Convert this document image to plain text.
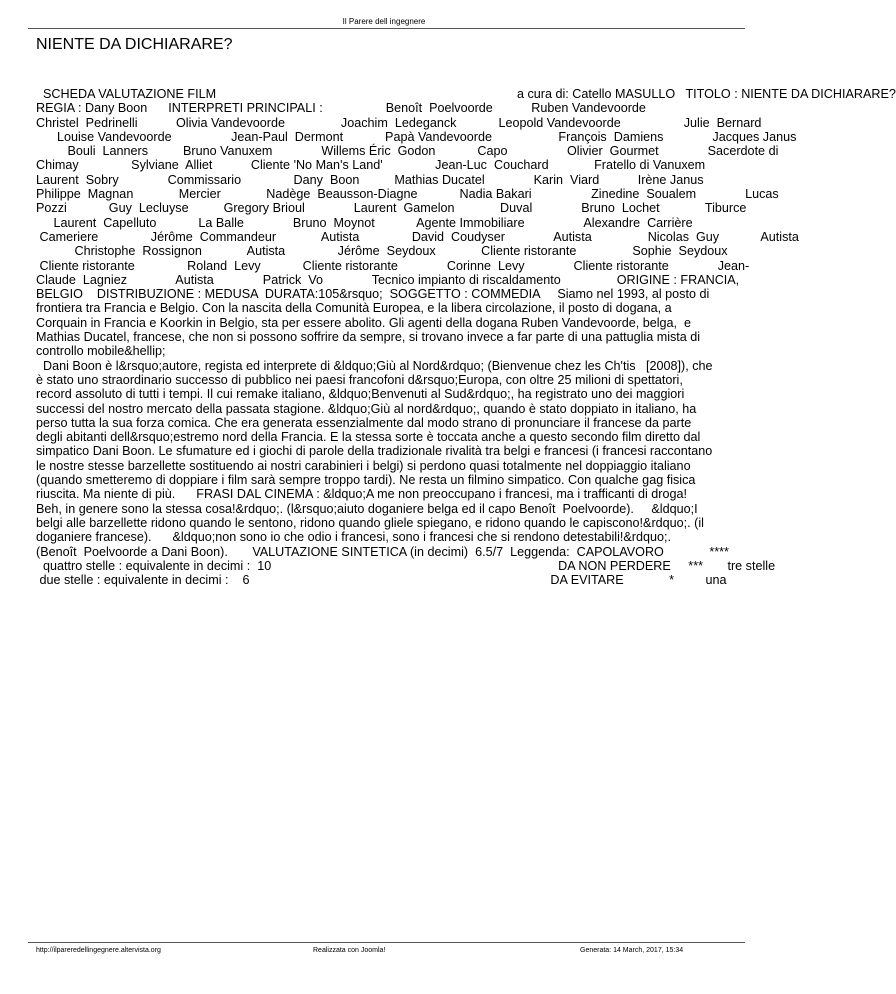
Il Parere dell ingegnere
NIENTE DA DICHIARARE?
SCHEDA VALUTAZIONE FILM                                                                                      a cura di: Catello MASULLO   TITOLO : NIENTE DA DICHIARARE?
REGIA : Dany Boon      INTERPRETI PRINCIPALI :                  Benoît  Poelvoorde           Ruben Vandevoorde
Christel  Pedrinelli           Olivia Vandevoorde                Joachim  Ledeganck            Leopold Vandevoorde                  Julie  Bernard
Louise Vandevoorde                 Jean-Paul  Dermont            Papà Vandevoorde                   François  Damiens              Jacques Janus
Bouli  Lanners          Bruno Vanuxem              Willems Éric  Godon            Capo                 Olivier  Gourmet              Sacerdote di
Chimay               Sylviane  Alliet           Cliente 'No Man's Land'               Jean-Luc  Couchard             Fratello di Vanuxem
Laurent  Sobry              Commissario               Dany  Boon          Mathias Ducatel              Karin  Viard           Irène Janus
Philippe  Magnan             Mercier             Nadège  Beausson-Diagne            Nadia Bakari                 Zinedine  Soualem              Lucas
Pozzi            Guy  Lecluyse          Gregory Brioul              Laurent  Gamelon             Duval              Bruno  Lochet             Tiburce
Laurent  Capelluto            La Balle              Bruno  Moynot            Agente Immobiliare                 Alexandre  Carrière
Cameriere               Jérôme  Commandeur             Autista               David  Coudyser              Autista                Nicolas  Guy            Autista
Christophe  Rossignon             Autista               Jérôme  Seydoux             Cliente ristorante                Sophie  Seydoux
Cliente ristorante               Roland  Levy            Cliente ristorante              Corinne  Levy              Cliente ristorante              Jean-
Claude  Lagniez              Autista              Patrick  Vo              Tecnico impianto di riscaldamento                ORIGINE : FRANCIA,
BELGIO    DISTRIBUZIONE : MEDUSA  DURATA:105&rsquo;  SOGGETTO : COMMEDIA     Siamo nel 1993, al posto di
frontiera tra Francia e Belgio. Con la nascita della Comunità Europea, e la libera circolazione, il posto di dogana, a
Corquain in Francia e Koorkin in Belgio, sta per essere abolito. Gli agenti della dogana Ruben Vandevoorde, belga,  e
Mathias Ducatel, francese, che non si possono soffrire da sempre, si trovano invece a far parte di una pattuglia mista di
controllo mobile&hellip;
Dani Boon è l&rsquo;autore, regista ed interprete di &ldquo;Giù al Nord&rdquo; (Bienvenue chez les Ch'tis   [2008]), che
è stato uno straordinario successo di pubblico nei paesi francofoni d&rsquo;Europa, con oltre 25 milioni di spettatori,
record assoluto di tutti i tempi. Il cui remake italiano, &ldquo;Benvenuti al Sud&rdquo;, ha registrato uno dei maggiori
successi del nostro mercato della passata stagione. &ldquo;Giù al nord&rdquo;, quando è stato doppiato in italiano, ha
perso tutta la sua forza comica. Che era generata essenzialmente dal modo strano di pronunciare il francese da parte
degli abitanti dell&rsquo;estremo nord della Francia. E la stessa sorte è toccata anche a questo secondo film diretto dal
simpatico Dani Boon. Le sfumature ed i giochi di parole della tradizionale rivalità tra belgi e francesi (i francesi raccontano
le nostre stesse barzellette sostituendo ai nostri carabinieri i belgi) si perdono quasi totalmente nel doppiaggio italiano
(quando smetteremo di doppiare i film sarà sempre troppo tardi). Ne resta un filmino simpatico. Con qualche gag fisica
riuscita. Ma niente di più.      FRASI DAL CINEMA : &ldquo;A me non preoccupano i francesi, ma i trafficanti di droga!
Beh, in genere sono la stessa cosa!&rdquo;. (l&rsquo;aiuto doganiere belga ed il capo Benoît  Poelvoorde).     &ldquo;I
belgi alle barzellette ridono quando le sentono, ridono quando gliele spiegano, e ridono quando le capiscono!&rdquo;. (il
doganiere francese).      &ldquo;non sono io che odio i francesi, sono i francesi che si rendono detestabili!&rdquo;.
(Benoît  Poelvoorde a Dani Boon).       VALUTAZIONE SINTETICA (in decimi)  6.5/7  Leggenda:  CAPOLAVORO             ****
quattro stelle : equivalente in decimi :  10                                                                                  DA NON PERDERE     ***       tre stelle
due stelle : equivalente in decimi :    6                                                                                      DA EVITARE             *         una
http://ilpareredellingegnere.altervista.org	Realizzata con Joomla!	Generata: 14 March, 2017, 15:34
